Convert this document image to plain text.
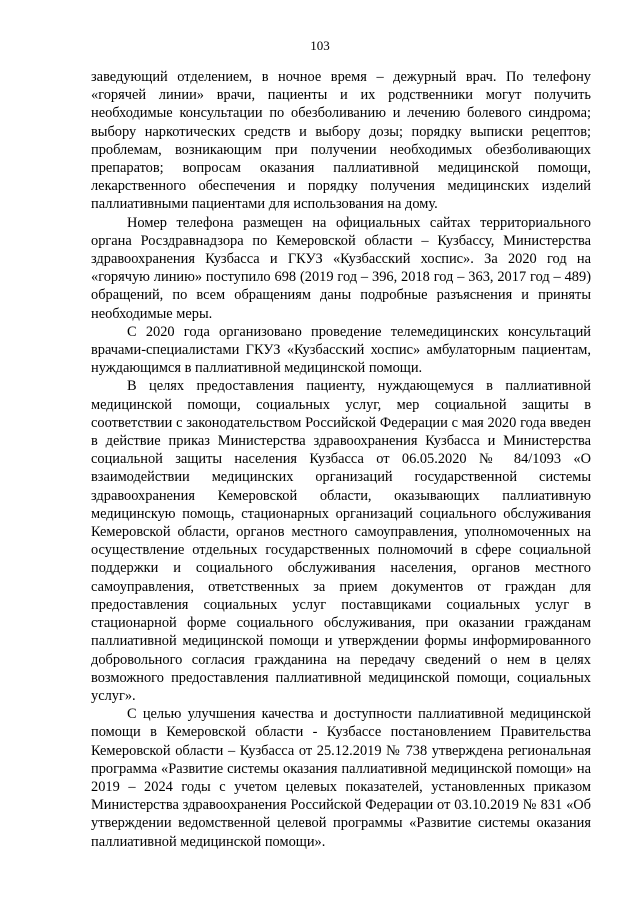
103

заведующий отделением, в ночное время – дежурный врач. По телефону «горячей линии» врачи, пациенты и их родственники могут получить необходимые консультации по обезболиванию и лечению болевого синдрома; выбору наркотических средств и выбору дозы; порядку выписки рецептов; проблемам, возникающим при получении необходимых обезболивающих препаратов; вопросам оказания паллиативной медицинской помощи, лекарственного обеспечения и порядку получения медицинских изделий паллиативными пациентами для использования на дому.

Номер телефона размещен на официальных сайтах территориального органа Росздравнадзора по Кемеровской области – Кузбассу, Министерства здравоохранения Кузбасса и ГКУЗ «Кузбасский хоспис». За 2020 год на «горячую линию» поступило 698 (2019 год – 396, 2018 год – 363, 2017 год – 489) обращений, по всем обращениям даны подробные разъяснения и приняты необходимые меры.

С 2020 года организовано проведение телемедицинских консультаций врачами-специалистами ГКУЗ «Кузбасский хоспис» амбулаторным пациентам, нуждающимся в паллиативной медицинской помощи.

В целях предоставления пациенту, нуждающемуся в паллиативной медицинской помощи, социальных услуг, мер социальной защиты в соответствии с законодательством Российской Федерации с мая 2020 года введен в действие приказ Министерства здравоохранения Кузбасса и Министерства социальной защиты населения Кузбасса от 06.05.2020 № 84/1093 «О взаимодействии медицинских организаций государственной системы здравоохранения Кемеровской области, оказывающих паллиативную медицинскую помощь, стационарных организаций социального обслуживания Кемеровской области, органов местного самоуправления, уполномоченных на осуществление отдельных государственных полномочий в сфере социальной поддержки и социального обслуживания населения, органов местного самоуправления, ответственных за прием документов от граждан для предоставления социальных услуг поставщиками социальных услуг в стационарной форме социального обслуживания, при оказании гражданам паллиативной медицинской помощи и утверждении формы информированного добровольного согласия гражданина на передачу сведений о нем в целях возможного предоставления паллиативной медицинской помощи, социальных услуг».

С целью улучшения качества и доступности паллиативной медицинской помощи в Кемеровской области - Кузбассе постановлением Правительства Кемеровской области – Кузбасса от 25.12.2019 № 738 утверждена региональная программа «Развитие системы оказания паллиативной медицинской помощи» на 2019 – 2024 годы с учетом целевых показателей, установленных приказом Министерства здравоохранения Российской Федерации от 03.10.2019 № 831 «Об утверждении ведомственной целевой программы «Развитие системы оказания паллиативной медицинской помощи».
